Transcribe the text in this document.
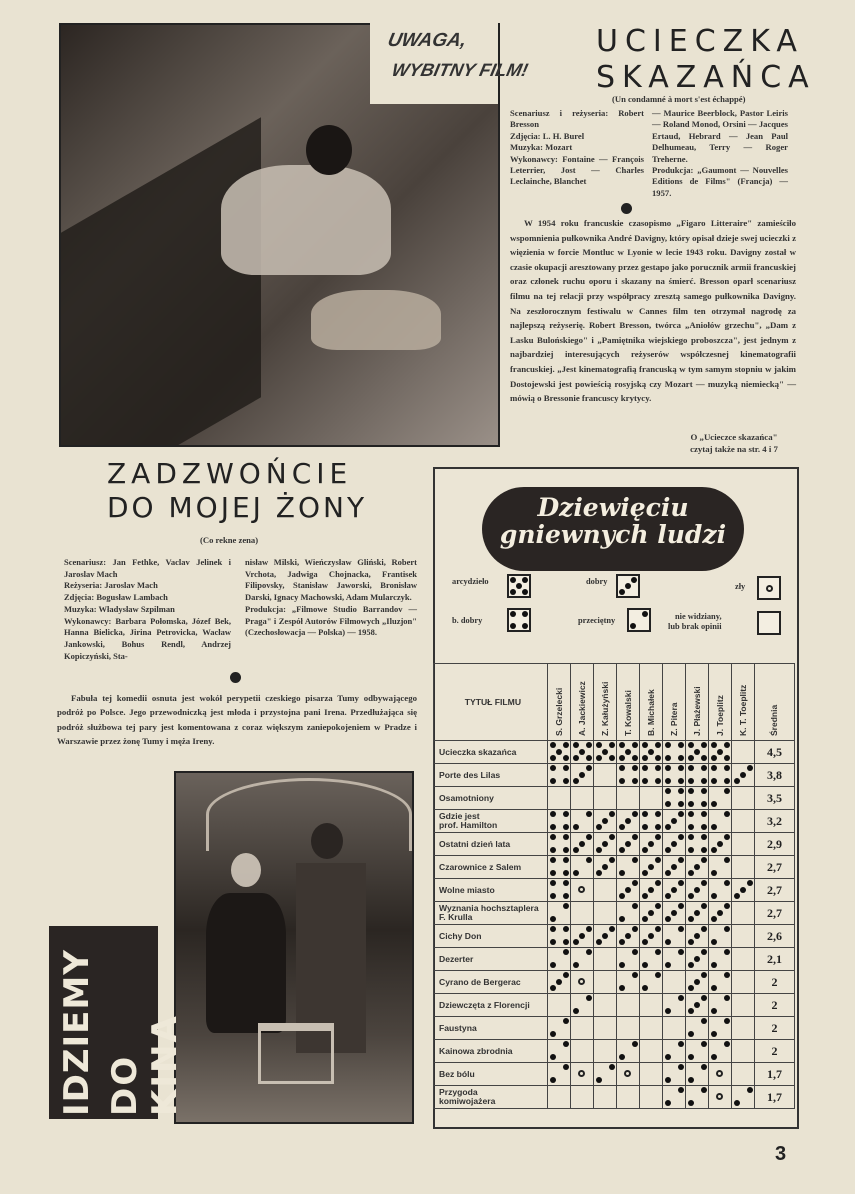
UWAGA,
WYBITNY FILM!
UCIECZKA
SKAZAŃCA
(Un condamné à mort s'est échappé)
Scenariusz i reżyseria: Robert Bresson
Zdjęcia: L. H. Burel
Muzyka: Mozart
Wykonawcy: Fontaine — François Leterrier, Jost — Charles Leclainche, Blanchet
— Maurice Beerblock, Pastor Leiris — Roland Monod, Orsini — Jacques Ertaud, Hebrard — Jean Paul Delhumeau, Terry — Roger Treherne.
Produkcja: „Gaumont — Nouvelles Editions de Films" (Francja) — 1957.
W 1954 roku francuskie czasopismo „Figaro Litteraire" zamieściło wspomnienia pułkownika André Davigny, który opisał dzieje swej ucieczki z więzienia w forcie Montluc w Lyonie w lecie 1943 roku. Davigny został w czasie okupacji aresztowany przez gestapo jako porucznik armii francuskiej oraz członek ruchu oporu i skazany na śmierć. Bresson oparł scenariusz filmu na tej relacji przy współpracy zresztą samego pułkownika Davigny. Na zeszłorocznym festiwalu w Cannes film ten otrzymał nagrodę za najlepszą reżyserię. Robert Bresson, twórca „Aniołów grzechu", „Dam z Lasku Bulońskiego" i „Pamiętnika wiejskiego proboszcza", jest jednym z najbardziej interesujących reżyserów współczesnej kinematografii francuskiej. „Jest kinematografią francuską w tym samym stopniu w jakim Dostojewski jest powieścią rosyjską czy Mozart — muzyką niemiecką" — mówią o Bressonie francuscy krytycy.
O „Ucieczce skazańca"
czytaj także na str. 4 i 7
ZADZWOŃCIE
DO MOJEJ ŻONY
(Co rekne zena)
Scenariusz: Jan Fethke, Vaclav Jelinek i Jaroslav Mach
Reżyseria: Jaroslav Mach
Zdjęcia: Bogusław Lambach
Muzyka: Władysław Szpilman
Wykonawcy: Barbara Połomska, Józef Bek, Hanna Bielicka, Jirina Petrovicka, Wacław Jankowski, Bohus Rendl, Andrzej Kopiczyński, Sta-
nisław Milski, Wieńczysław Gliński, Robert Vrchota, Jadwiga Chojnacka, Frantisek Filipovsky, Stanisław Jaworski, Bronisław Darski, Ignacy Machowski, Adam Mularczyk.
Produkcja: „Filmowe Studio Barrandov — Praga" i Zespół Autorów Filmowych „Iluzjon" (Czechosłowacja — Polska) — 1958.
Fabuła tej komedii osnuta jest wokół perypetii czeskiego pisarza Tumy odbywającego podróż po Polsce. Jego przewodniczką jest młoda i przystojna pani Irena. Przedłużająca się podróż służbowa tej pary jest komentowana z coraz większym zaniepokojeniem w Pradze i Warszawie przez żonę Tumy i męża Ireny.
IDZIEMY DO KINA
Dziewięciu
gniewnych ludzi
arcydzieło	dobry
zły
b. dobry	przeciętny	nie widziany,
lub brak opinii
TYTUŁ FILMU	S. Grzelecki	A. Jackiewicz	Z. Kałużyński	T. Kowalski	B. Michałek	Z. Pitera	J. Płażewski	J. Toeplitz	K. T. Toeplitz	Średnia

Ucieczka skazańca										4,5
Porte des Lilas										3,8
Osamotniony										3,5
Gdzie jest
prof. Hamilton										3,2
Ostatni dzień lata										2,9
Czarownice z Salem										2,7
Wolne miasto										2,7
Wyznania hochsztaplera F. Krulla										2,7
Cichy Don										2,6
Dezerter										2,1
Cyrano de Bergerac										2
Dziewczęta z Florencji										2
Faustyna										2
Kainowa zbrodnia										2
Bez bólu										1,7
Przygoda
komiwojażera										1,7
3
